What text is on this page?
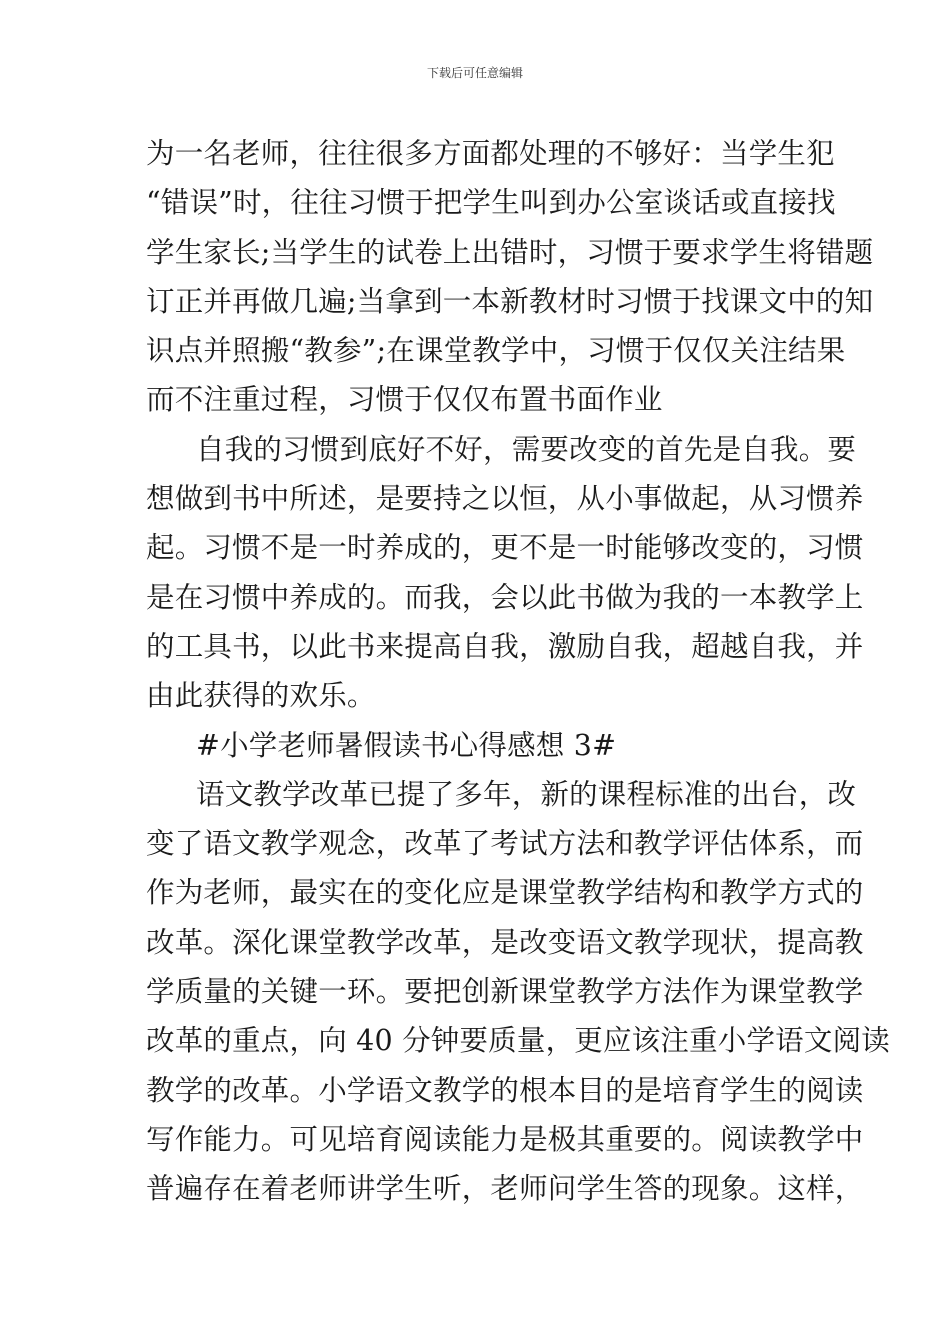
下载后可任意编辑
为一名老师，往往很多方面都处理的不够好：当学生犯
“错误”时，往往习惯于把学生叫到办公室谈话或直接找
学生家长;当学生的试卷上出错时，习惯于要求学生将错题
订正并再做几遍;当拿到一本新教材时习惯于找课文中的知
识点并照搬“教参”;在课堂教学中，习惯于仅仅关注结果
而不注重过程，习惯于仅仅布置书面作业
自我的习惯到底好不好，需要改变的首先是自我。要
想做到书中所述，是要持之以恒，从小事做起，从习惯养
起。习惯不是一时养成的，更不是一时能够改变的，习惯
是在习惯中养成的。而我，会以此书做为我的一本教学上
的工具书，以此书来提高自我，激励自我，超越自我，并
由此获得的欢乐。
#小学老师暑假读书心得感想 3#
语文教学改革已提了多年，新的课程标准的出台，改
变了语文教学观念，改革了考试方法和教学评估体系，而
作为老师，最实在的变化应是课堂教学结构和教学方式的
改革。深化课堂教学改革，是改变语文教学现状，提高教
学质量的关键一环。要把创新课堂教学方法作为课堂教学
改革的重点，向 40 分钟要质量，更应该注重小学语文阅读
教学的改革。小学语文教学的根本目的是培育学生的阅读
写作能力。可见培育阅读能力是极其重要的。阅读教学中
普遍存在着老师讲学生听，老师问学生答的现象。这样，
